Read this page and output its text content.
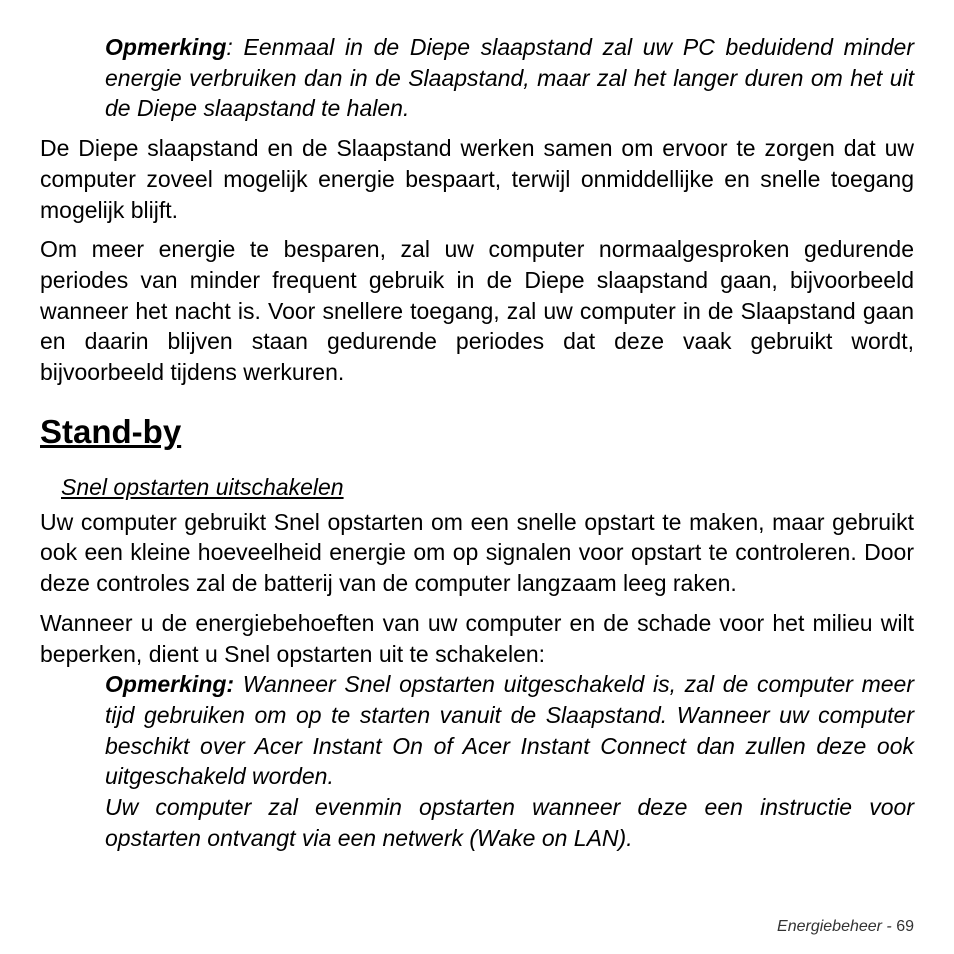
Opmerking: Eenmaal in de Diepe slaapstand zal uw PC beduidend minder energie verbruiken dan in de Slaapstand, maar zal het langer duren om het uit de Diepe slaapstand te halen.

De Diepe slaapstand en de Slaapstand werken samen om ervoor te zorgen dat uw computer zoveel mogelijk energie bespaart, terwijl onmiddellijke en snelle toegang mogelijk blijft.

Om meer energie te besparen, zal uw computer normaalgesproken gedurende periodes van minder frequent gebruik in de Diepe slaapstand gaan, bijvoorbeeld wanneer het nacht is. Voor snellere toegang, zal uw computer in de Slaapstand gaan en daarin blijven staan gedurende periodes dat deze vaak gebruikt wordt, bijvoorbeeld tijdens werkuren.

Stand-by
Snel opstarten uitschakelen

Uw computer gebruikt Snel opstarten om een snelle opstart te maken, maar gebruikt ook een kleine hoeveelheid energie om op signalen voor opstart te controleren. Door deze controles zal de batterij van de computer langzaam leeg raken.

Wanneer u de energiebehoeften van uw computer en de schade voor het milieu wilt beperken, dient u Snel opstarten uit te schakelen:

Opmerking: Wanneer Snel opstarten uitgeschakeld is, zal de computer meer tijd gebruiken om op te starten vanuit de Slaapstand. Wanneer uw computer beschikt over Acer Instant On of Acer Instant Connect dan zullen deze ook uitgeschakeld worden.
Uw computer zal evenmin opstarten wanneer deze een instructie voor opstarten ontvangt via een netwerk (Wake on LAN).
Energiebeheer - 69
